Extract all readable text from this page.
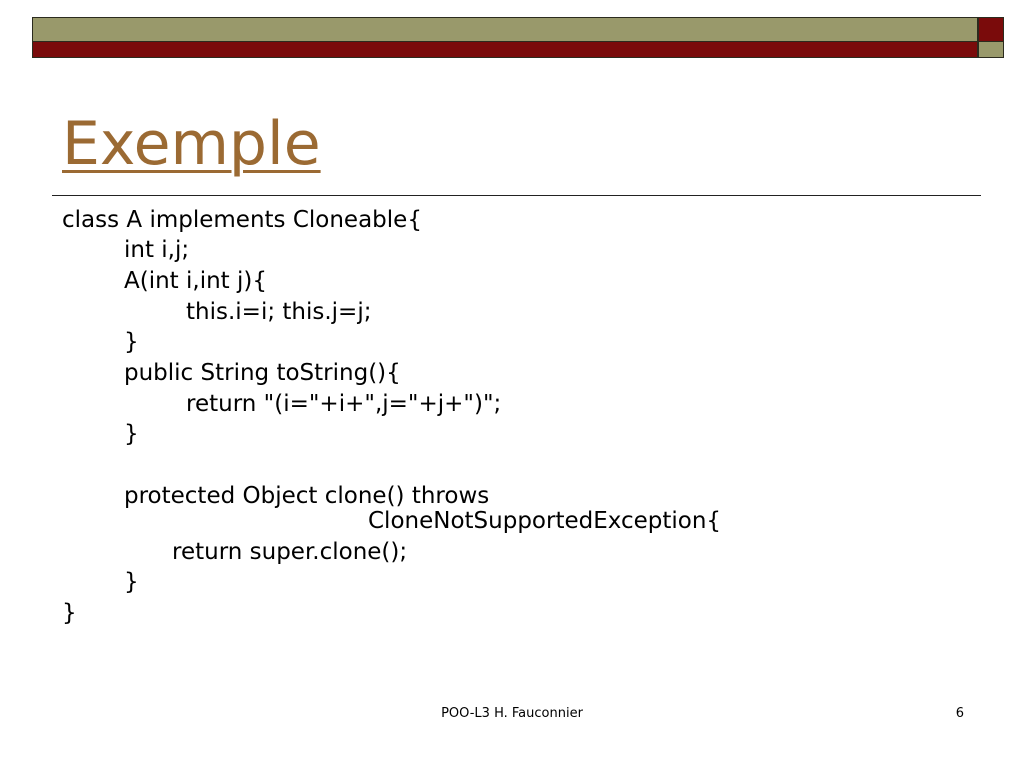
Exemple
class A implements Cloneable{
int i,j;
A(int i,int j){
this.i=i; this.j=j;
}
public String toString(){
return "(i="+i+",j="+j+")";
}
protected Object clone() throws
CloneNotSupportedException{
return super.clone();
}
}
POO-L3 H. Fauconnier	6
